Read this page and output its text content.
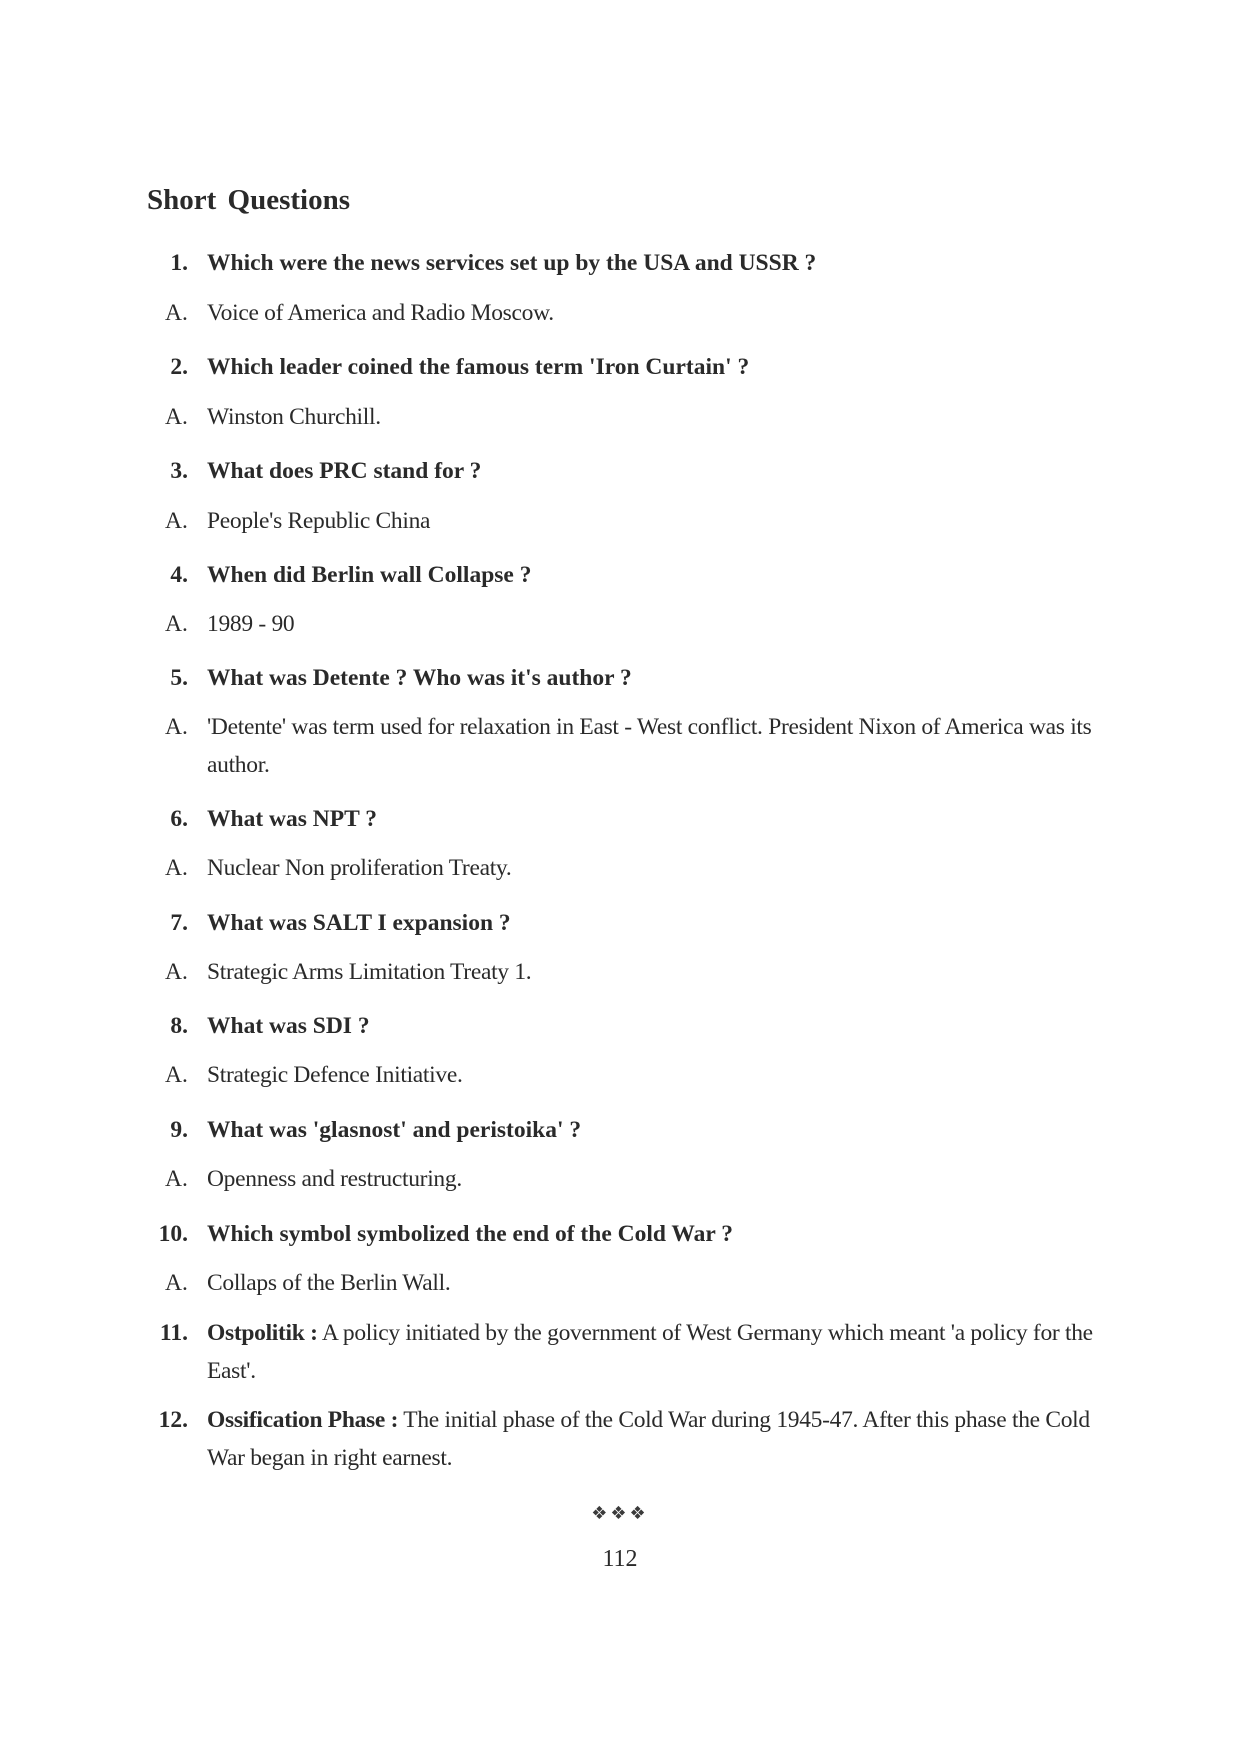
Short Questions
1. Which were the news services set up by the USA and USSR ?
A. Voice of America and Radio Moscow.
2. Which leader coined the famous term 'Iron Curtain' ?
A. Winston Churchill.
3. What does PRC stand for ?
A. People's Republic China
4. When did Berlin wall Collapse ?
A. 1989 - 90
5. What was Detente ? Who was it's author ?
A. 'Detente' was term used for relaxation in East - West conflict. President Nixon of America was its author.
6. What was NPT ?
A. Nuclear Non proliferation Treaty.
7. What was SALT I expansion ?
A. Strategic Arms Limitation Treaty 1.
8. What was SDI ?
A. Strategic Defence Initiative.
9. What was 'glasnost' and peristoika' ?
A. Openness and restructuring.
10. Which symbol symbolized the end of the Cold War ?
A. Collaps of the Berlin Wall.
11. Ostpolitik : A policy initiated by the government of West Germany which meant 'a policy for the East'.
12. Ossification Phase : The initial phase of the Cold War during 1945-47. After this phase the Cold War began in right earnest.
❖❖❖
112
